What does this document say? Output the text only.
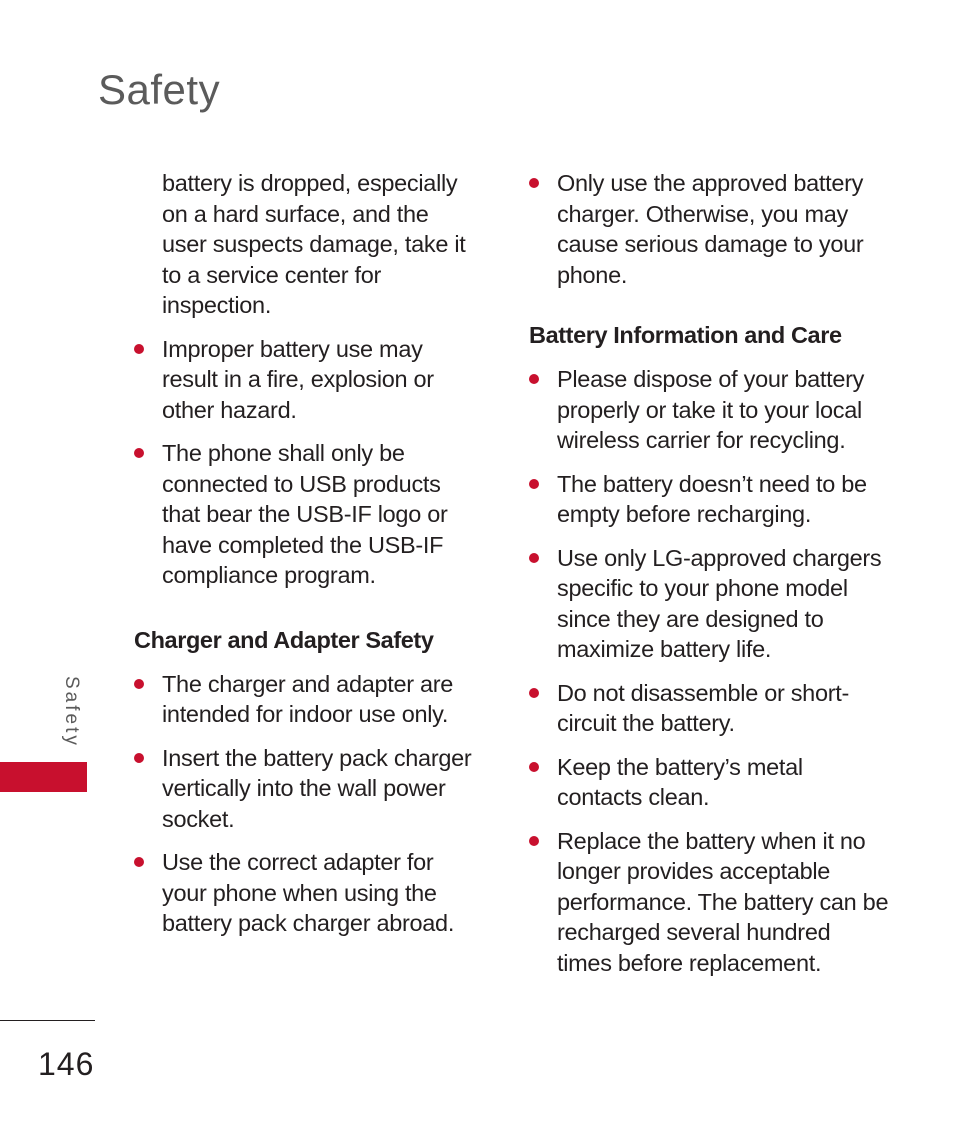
Safety

battery is dropped, especially on a hard surface, and the user suspects damage, take it to a service center for inspection.

Improper battery use may result in a fire, explosion or other hazard.
The phone shall only be connected to USB products that bear the USB-IF logo or have completed the USB-IF compliance program.
Charger and Adapter Safety
The charger and adapter are intended for indoor use only.
Insert the battery pack charger vertically into the wall power socket.
Use the correct adapter for your phone when using the battery pack charger abroad.
Only use the approved battery charger. Otherwise, you may cause serious damage to your phone.
Battery Information and Care
Please dispose of your battery properly or take it to your local wireless carrier for recycling.
The battery doesn’t need to be empty before recharging.
Use only LG-approved chargers specific to your phone model since they are designed to maximize battery life.
Do not disassemble or short-circuit the battery.
Keep the battery’s metal contacts clean.
Replace the battery when it no longer provides acceptable performance. The battery can be recharged several hundred times before replacement.
Safety
146
